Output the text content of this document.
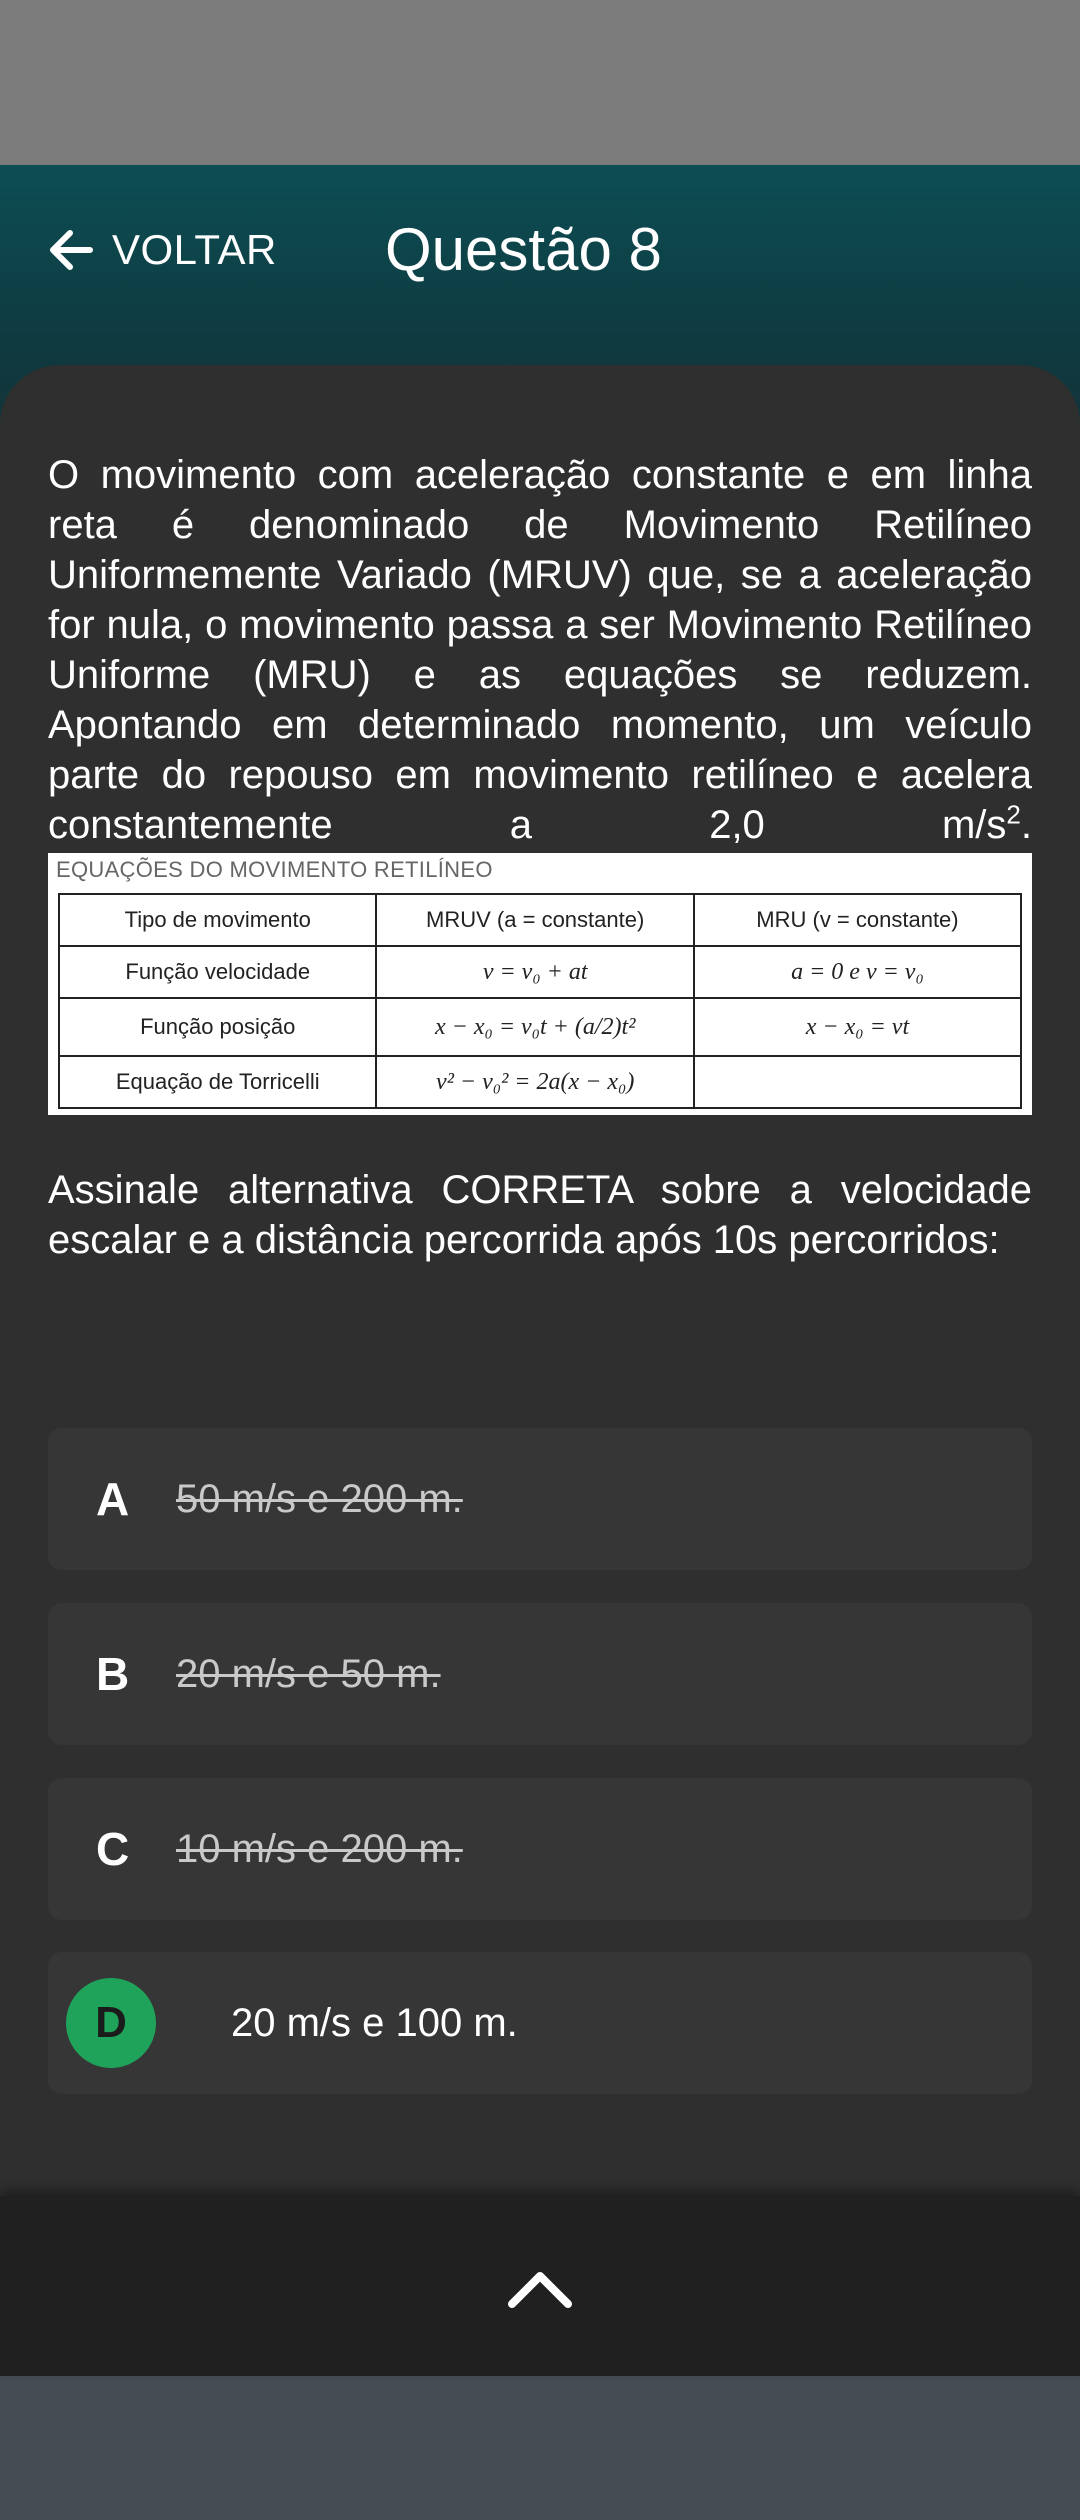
VOLTAR Questão 8
O movimento com aceleração constante e em linha reta é denominado de Movimento Retilíneo Uniformemente Variado (MRUV) que, se a aceleração for nula, o movimento passa a ser Movimento Retilíneo Uniforme (MRU) e as equações se reduzem. Apontando em determinado momento, um veículo parte do repouso em movimento retilíneo e acelera constantemente a 2,0 $m/s^2$.
EQUAÇÕES DO MOVIMENTO RETILÍNEO
Tipo de movimento	MRUV (a = constante)	MRU (v = constante)
Função velocidade	v = v₀ + at	a = 0 e v = v₀
Função posição	x − x₀ = v₀t + (a/2)t²	x − x₀ = vt
Equação de Torricelli	v² − v₀² = 2a(x − x₀)	
Assinale alternativa CORRETA sobre a velocidade escalar e a distância percorrida após 10s percorridos:
A 50 m/s e 200 m.
B 20 m/s e 50 m.
C 10 m/s e 200 m.
D	20 m/s e 100 m.
